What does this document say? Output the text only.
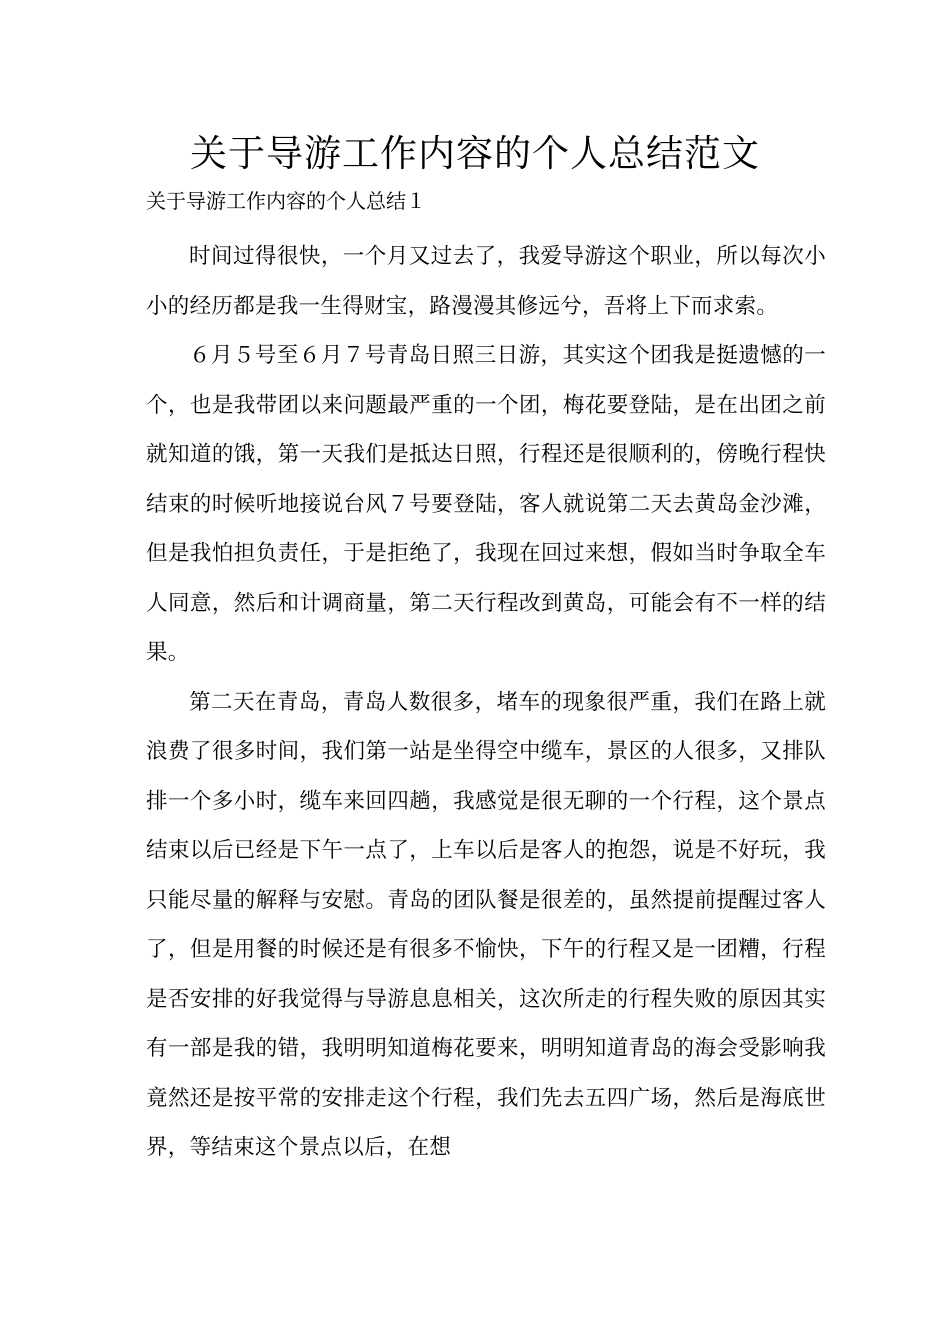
关于导游工作内容的个人总结范文
关于导游工作内容的个人总结１

时间过得很快，一个月又过去了，我爱导游这个职业，所以每次小小的经历都是我一生得财宝，路漫漫其修远兮，吾将上下而求索。

６月５号至６月７号青岛日照三日游，其实这个团我是挺遗憾的一个，也是我带团以来问题最严重的一个团，梅花要登陆，是在出团之前就知道的饿，第一天我们是抵达日照，行程还是很顺利的，傍晚行程快结束的时候听地接说台风７号要登陆，客人就说第二天去黄岛金沙滩，但是我怕担负责任，于是拒绝了，我现在回过来想，假如当时争取全车人同意，然后和计调商量，第二天行程改到黄岛，可能会有不一样的结果。

第二天在青岛，青岛人数很多，堵车的现象很严重，我们在路上就浪费了很多时间，我们第一站是坐得空中缆车，景区的人很多，又排队排一个多小时，缆车来回四趟，我感觉是很无聊的一个行程，这个景点结束以后已经是下午一点了，上车以后是客人的抱怨，说是不好玩，我只能尽量的解释与安慰。青岛的团队餐是很差的，虽然提前提醒过客人了，但是用餐的时候还是有很多不愉快，下午的行程又是一团糟，行程是否安排的好我觉得与导游息息相关，这次所走的行程失败的原因其实有一部是我的错，我明明知道梅花要来，明明知道青岛的海会受影响我竟然还是按平常的安排走这个行程，我们先去五四广场，然后是海底世界，等结束这个景点以后，在想
